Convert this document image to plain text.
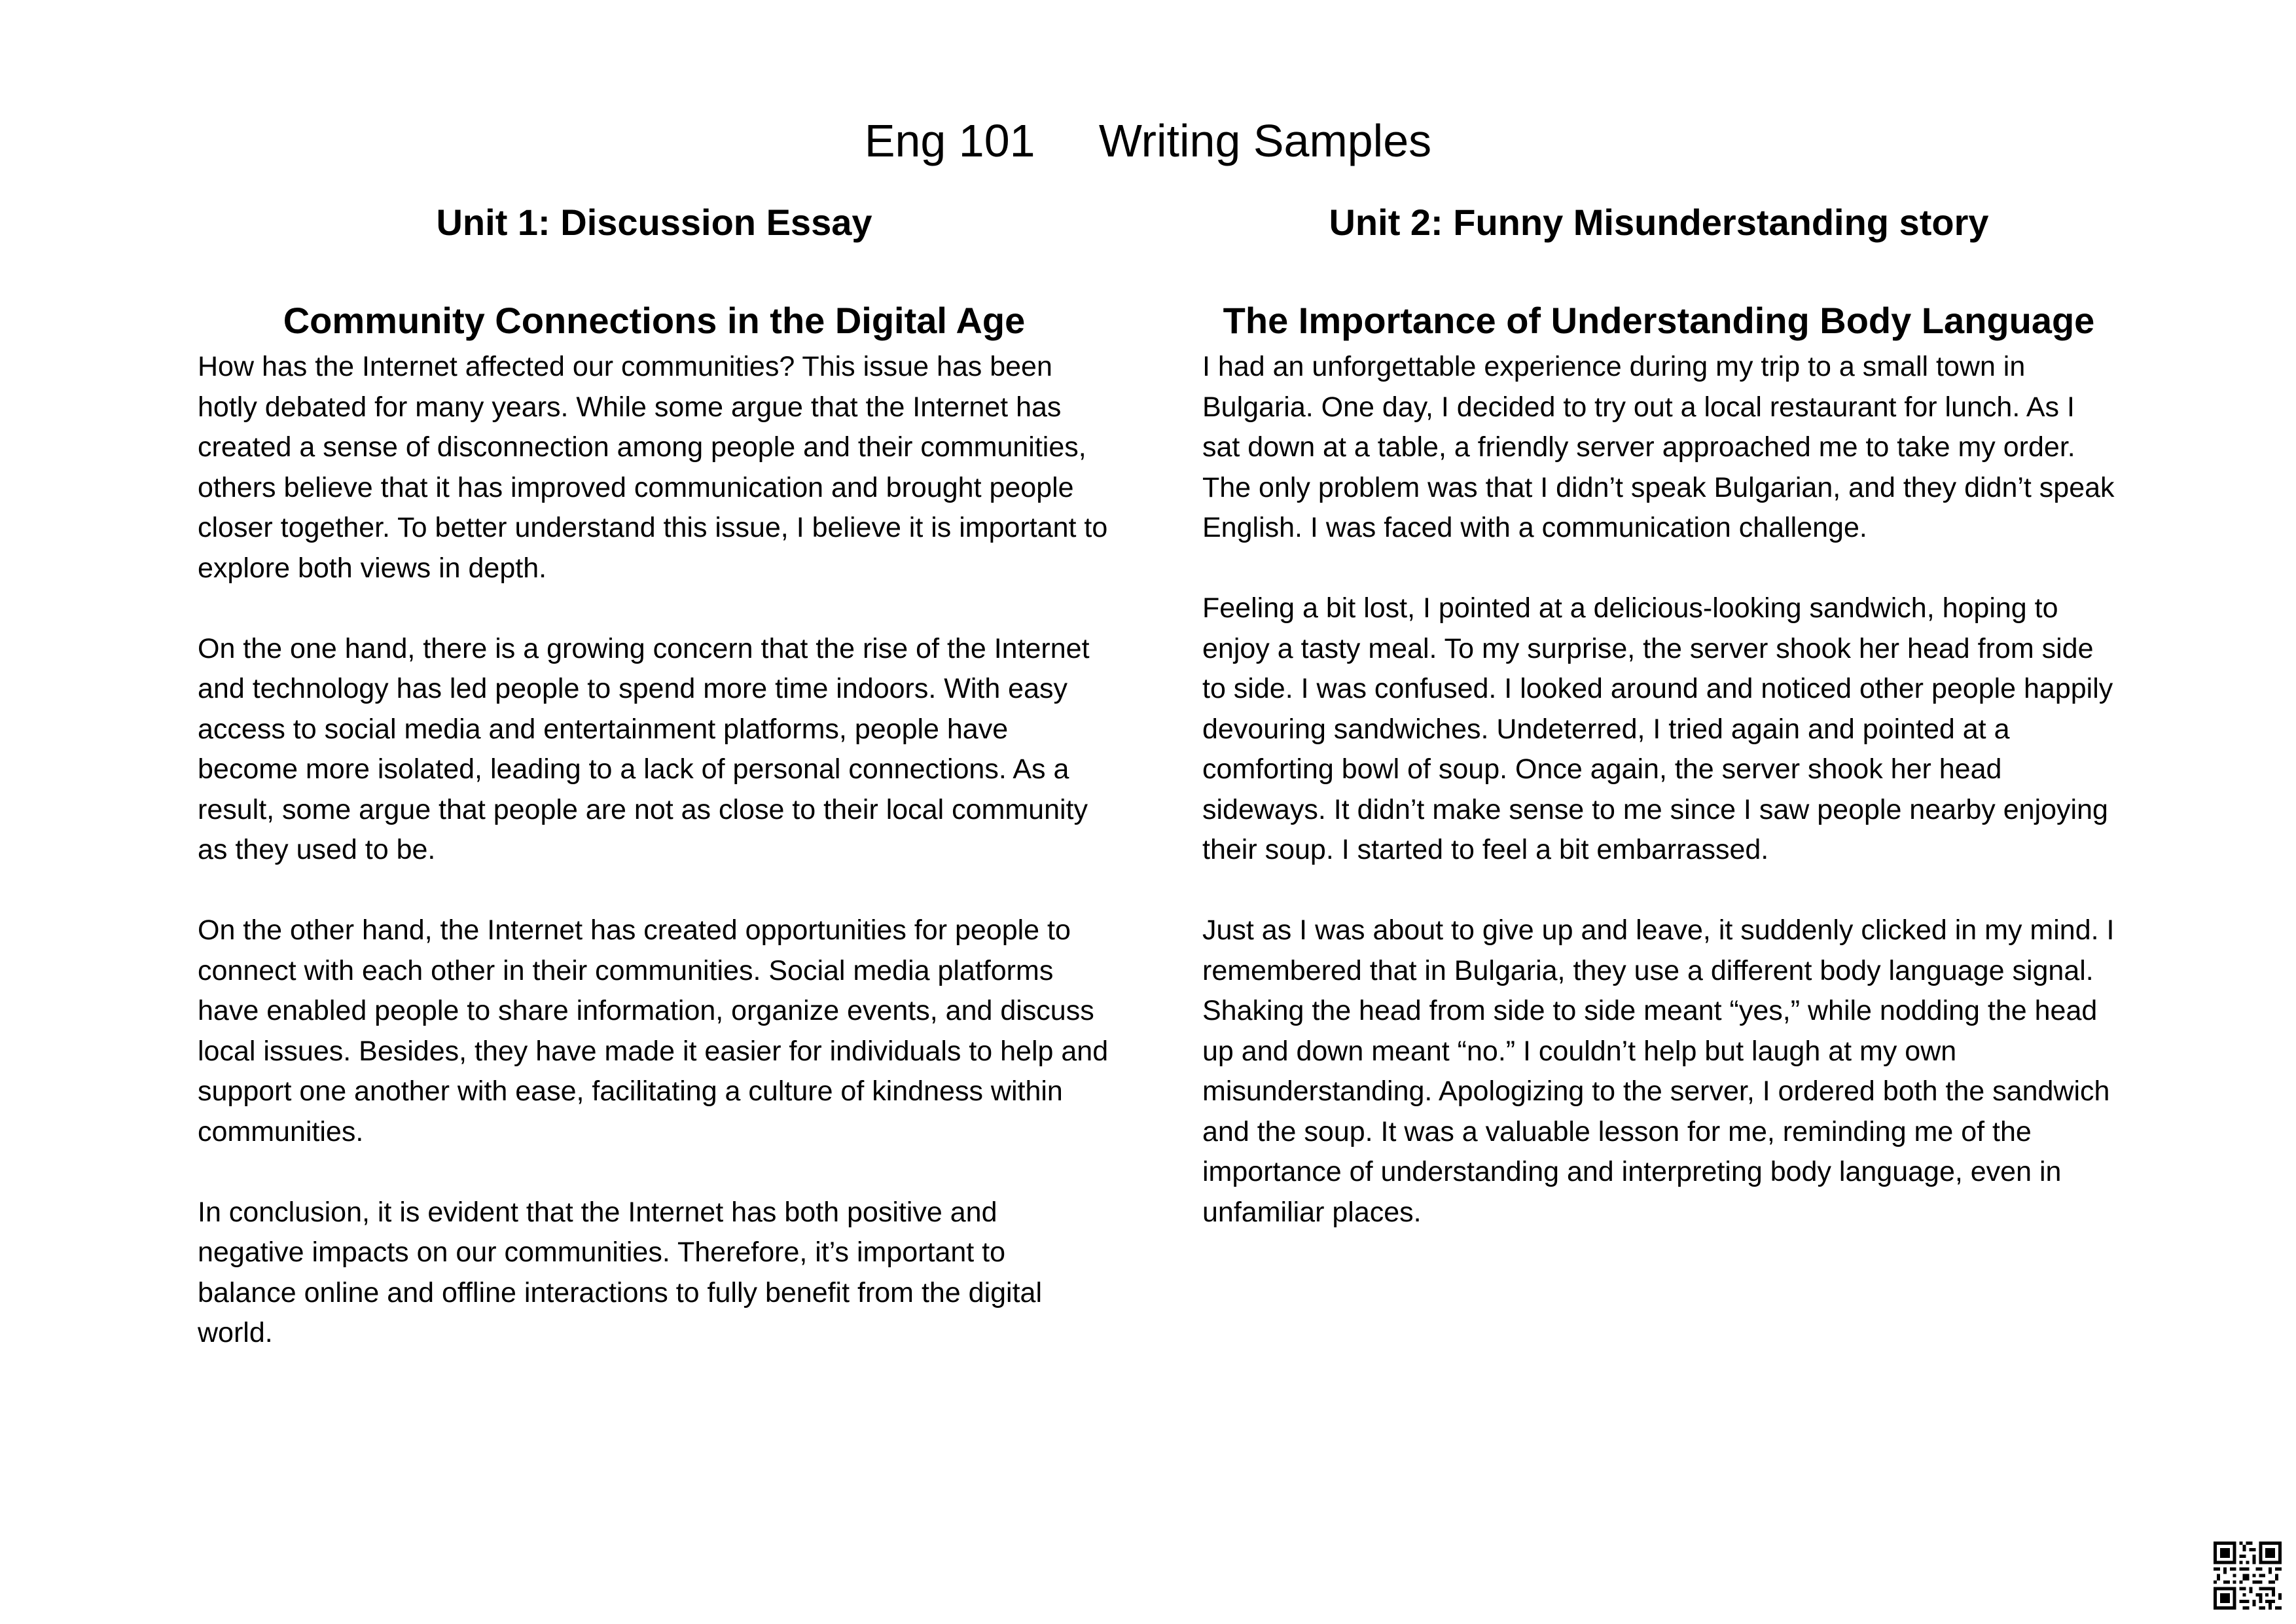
Eng 101     Writing Samples
Unit 1: Discussion Essay
Community Connections in the Digital Age

How has the Internet affected our communities? This issue has been hotly debated for many years. While some argue that the Internet has created a sense of disconnection among people and their communities, others believe that it has improved communication and brought people closer together. To better understand this issue, I believe it is important to explore both views in depth.

On the one hand, there is a growing concern that the rise of the Internet and technology has led people to spend more time indoors. With easy access to social media and entertainment platforms, people have become more isolated, leading to a lack of personal connections. As a result, some argue that people are not as close to their local community as they used to be.

On the other hand, the Internet has created opportunities for people to connect with each other in their communities. Social media platforms have enabled people to share information, organize events, and discuss local issues. Besides, they have made it easier for individuals to help and support one another with ease, facilitating a culture of kindness within communities.

In conclusion, it is evident that the Internet has both positive and negative impacts on our communities. Therefore, it’s important to balance online and offline interactions to fully benefit from the digital world.

Unit 2: Funny Misunderstanding story
The Importance of Understanding Body Language

I had an unforgettable experience during my trip to a small town in Bulgaria. One day, I decided to try out a local restaurant for lunch. As I sat down at a table, a friendly server approached me to take my order. The only problem was that I didn’t speak Bulgarian, and they didn’t speak English. I was faced with a communication challenge.

Feeling a bit lost, I pointed at a delicious-looking sandwich, hoping to enjoy a tasty meal. To my surprise, the server shook her head from side to side. I was confused. I looked around and noticed other people happily devouring sandwiches. Undeterred, I tried again and pointed at a comforting bowl of soup. Once again, the server shook her head sideways. It didn’t make sense to me since I saw people nearby enjoying their soup. I started to feel a bit embarrassed.

Just as I was about to give up and leave, it suddenly clicked in my mind. I remembered that in Bulgaria, they use a different body language signal. Shaking the head from side to side meant “yes,” while nodding the head up and down meant “no.” I couldn’t help but laugh at my own misunderstanding. Apologizing to the server, I ordered both the sandwich and the soup. It was a valuable lesson for me, reminding me of the importance of understanding and interpreting body language, even in unfamiliar places.
